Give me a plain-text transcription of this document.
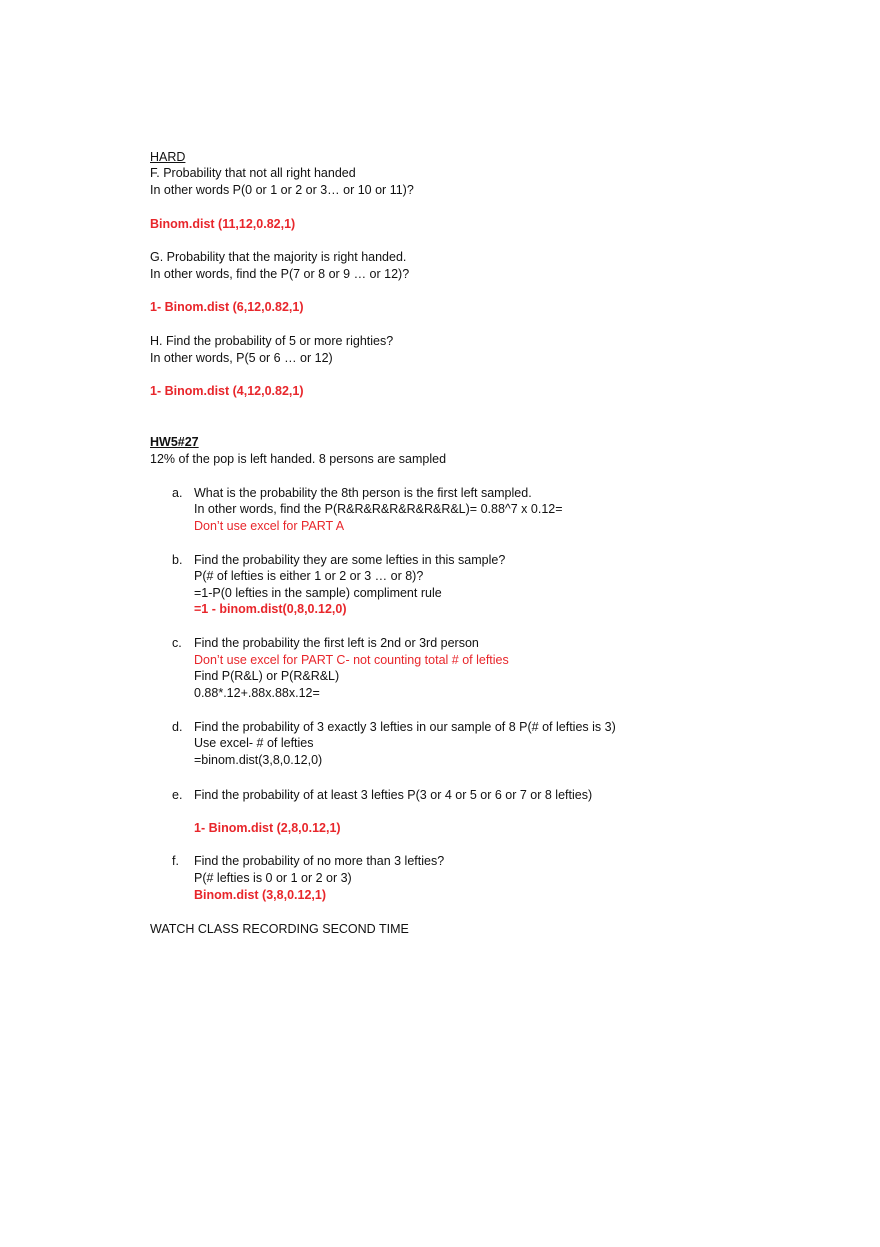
HARD
F. Probability that not all right handed
In other words P(0 or 1 or 2 or 3… or 10 or 11)?
Binom.dist (11,12,0.82,1)
G. Probability that the majority is right handed.
In other words, find the P(7 or 8 or 9 … or 12)?
1- Binom.dist (6,12,0.82,1)
H. Find the probability of 5 or more righties?
In other words, P(5 or 6 … or 12)
1- Binom.dist (4,12,0.82,1)
HW5#27
12% of the pop is left handed. 8 persons are sampled
a. What is the probability the 8th person is the first left sampled.
In other words, find the P(R&R&R&R&R&R&R&L)= 0.88^7 x 0.12=
Don’t use excel for PART A
b. Find the probability they are some lefties in this sample?
P(# of lefties is either 1 or 2 or 3 … or 8)?
=1-P(0 lefties in the sample) compliment rule
=1 - binom.dist(0,8,0.12,0)
c. Find the probability the first left is 2nd or 3rd person
Don’t use excel for PART C- not counting total # of lefties
Find P(R&L) or P(R&R&L)
0.88*.12+.88x.88x.12=
d. Find the probability of 3 exactly 3 lefties in our sample of 8 P(# of lefties is 3)
Use excel- # of lefties
=binom.dist(3,8,0.12,0)
e. Find the probability of at least 3 lefties P(3 or 4 or 5 or 6 or 7 or 8 lefties)
1- Binom.dist (2,8,0.12,1)
f. Find the probability of no more than 3 lefties?
P(# lefties is 0 or 1 or 2 or 3)
Binom.dist (3,8,0.12,1)
WATCH CLASS RECORDING SECOND TIME
